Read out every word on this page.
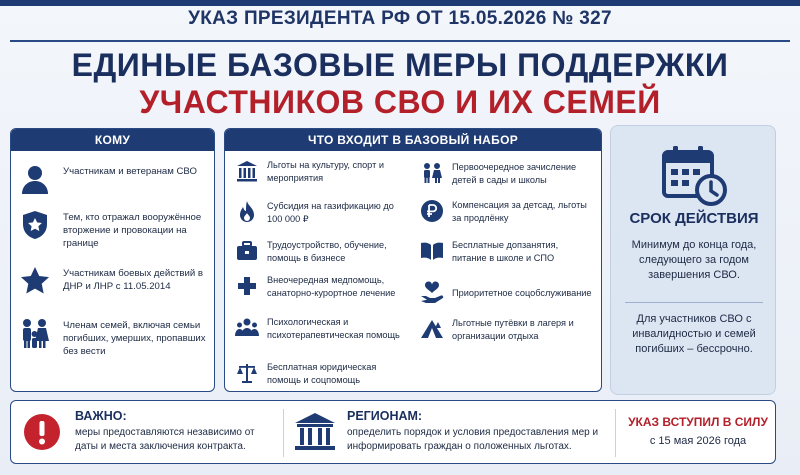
УКАЗ ПРЕЗИДЕНТА РФ ОТ 15.05.2026 № 327
ЕДИНЫЕ БАЗОВЫЕ МЕРЫ ПОДДЕРЖКИ
УЧАСТНИКОВ СВО И ИХ СЕМЕЙ
КОМУ
Участникам и ветеранам СВО
Тем, кто отражал вооружённое вторжение и провокации на границе
Участникам боевых действий в ДНР и ЛНР с 11.05.2014
Членам семей, включая семьи погибших, умерших, пропавших без вести
ЧТО ВХОДИТ В БАЗОВЫЙ НАБОР
Льготы на культуру, спорт и мероприятия
Субсидия на газификацию до 100 000 ₽
Трудоустройство, обучение, помощь в бизнесе
Внеочередная медпомощь, санаторно-курортное лечение
Психологическая и психотерапевтическая помощь
Бесплатная юридическая помощь и соцпомощь
Первоочередное зачисление детей в сады и школы
Компенсация за детсад, льготы за продлёнку
Бесплатные допзанятия, питание в школе и СПО
Приоритетное соцобслуживание
Льготные путёвки в лагеря и организации отдыха
СРОК ДЕЙСТВИЯ
Минимум до конца года, следующего за годом завершения СВО.
Для участников СВО с инвалидностью и семей погибших – бессрочно.
ВАЖНО:
меры предоставляются независимо от даты и места заключения контракта.
РЕГИОНАМ:
определить порядок и условия предоставления мер и информировать граждан о положенных льготах.
УКАЗ ВСТУПИЛ В СИЛУ
с 15 мая 2026 года
